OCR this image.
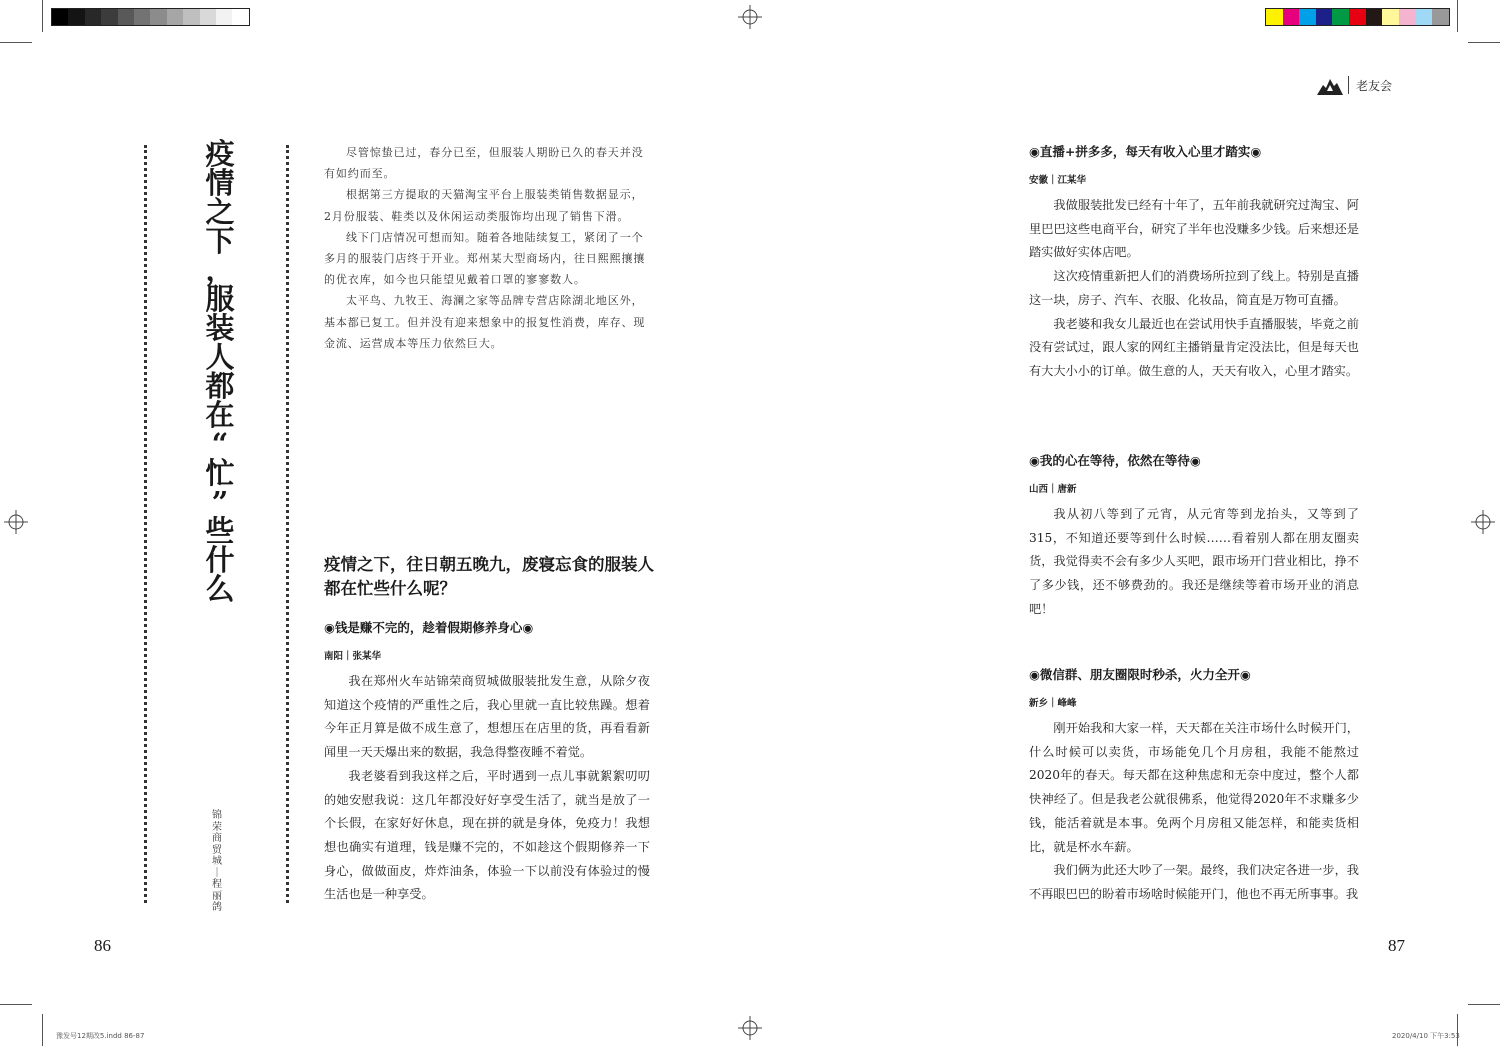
老友会
疫
情
之
下
，
服
装
人
都
在
“
忙
”
些
什
么
锦荣商贸城｜程丽鸽

尽管惊蛰已过，春分已至，但服装人期盼已久的春天并没有如约而至。

根据第三方提取的天猫淘宝平台上服装类销售数据显示，2月份服装、鞋类以及休闲运动类服饰均出现了销售下滑。

线下门店情况可想而知。随着各地陆续复工，紧闭了一个多月的服装门店终于开业。郑州某大型商场内，往日熙熙攘攘的优衣库，如今也只能望见戴着口罩的寥寥数人。

太平鸟、九牧王、海澜之家等品牌专营店除湖北地区外，基本都已复工。但并没有迎来想象中的报复性消费，库存、现金流、运营成本等压力依然巨大。

疫情之下，往日朝五晚九，废寝忘食的服装人都在忙些什么呢？
◉钱是赚不完的，趁着假期修养身心◉
南阳｜张某华

我在郑州火车站锦荣商贸城做服装批发生意，从除夕夜知道这个疫情的严重性之后，我心里就一直比较焦躁。想着今年正月算是做不成生意了，想想压在店里的货，再看看新闻里一天天爆出来的数据，我急得整夜睡不着觉。

我老婆看到我这样之后，平时遇到一点儿事就絮絮叨叨的她安慰我说：这几年都没好好享受生活了，就当是放了一个长假，在家好好休息，现在拼的就是身体，免疫力！我想想也确实有道理，钱是赚不完的，不如趁这个假期修养一下身心，做做面皮，炸炸油条，体验一下以前没有体验过的慢生活也是一种享受。

86
豫发号12期改5.indd 86-87
◉直播+拼多多，每天有收入心里才踏实◉
安徽｜江某华

我做服装批发已经有十年了，五年前我就研究过淘宝、阿里巴巴这些电商平台，研究了半年也没赚多少钱。后来想还是踏实做好实体店吧。

这次疫情重新把人们的消费场所拉到了线上。特别是直播这一块，房子、汽车、衣服、化妆品，简直是万物可直播。

我老婆和我女儿最近也在尝试用快手直播服装，毕竟之前没有尝试过，跟人家的网红主播销量肯定没法比，但是每天也有大大小小的订单。做生意的人，天天有收入，心里才踏实。

◉我的心在等待，依然在等待◉
山西｜唐新

我从初八等到了元宵，从元宵等到龙抬头，又等到了315，不知道还要等到什么时候……看着别人都在朋友圈卖货，我觉得卖不会有多少人买吧，跟市场开门营业相比，挣不了多少钱，还不够费劲的。我还是继续等着市场开业的消息吧！

◉微信群、朋友圈限时秒杀，火力全开◉
新乡｜峰峰

刚开始我和大家一样，天天都在关注市场什么时候开门，什么时候可以卖货，市场能免几个月房租，我能不能熬过2020年的春天。每天都在这种焦虑和无奈中度过，整个人都快神经了。但是我老公就很佛系，他觉得2020年不求赚多少钱，能活着就是本事。免两个月房租又能怎样，和能卖货相比，就是杯水车薪。

我们俩为此还大吵了一架。最终，我们决定各进一步，我不再眼巴巴的盼着市场啥时候能开门，他也不再无所事事。我

87
2020/4/10 下午3:53
